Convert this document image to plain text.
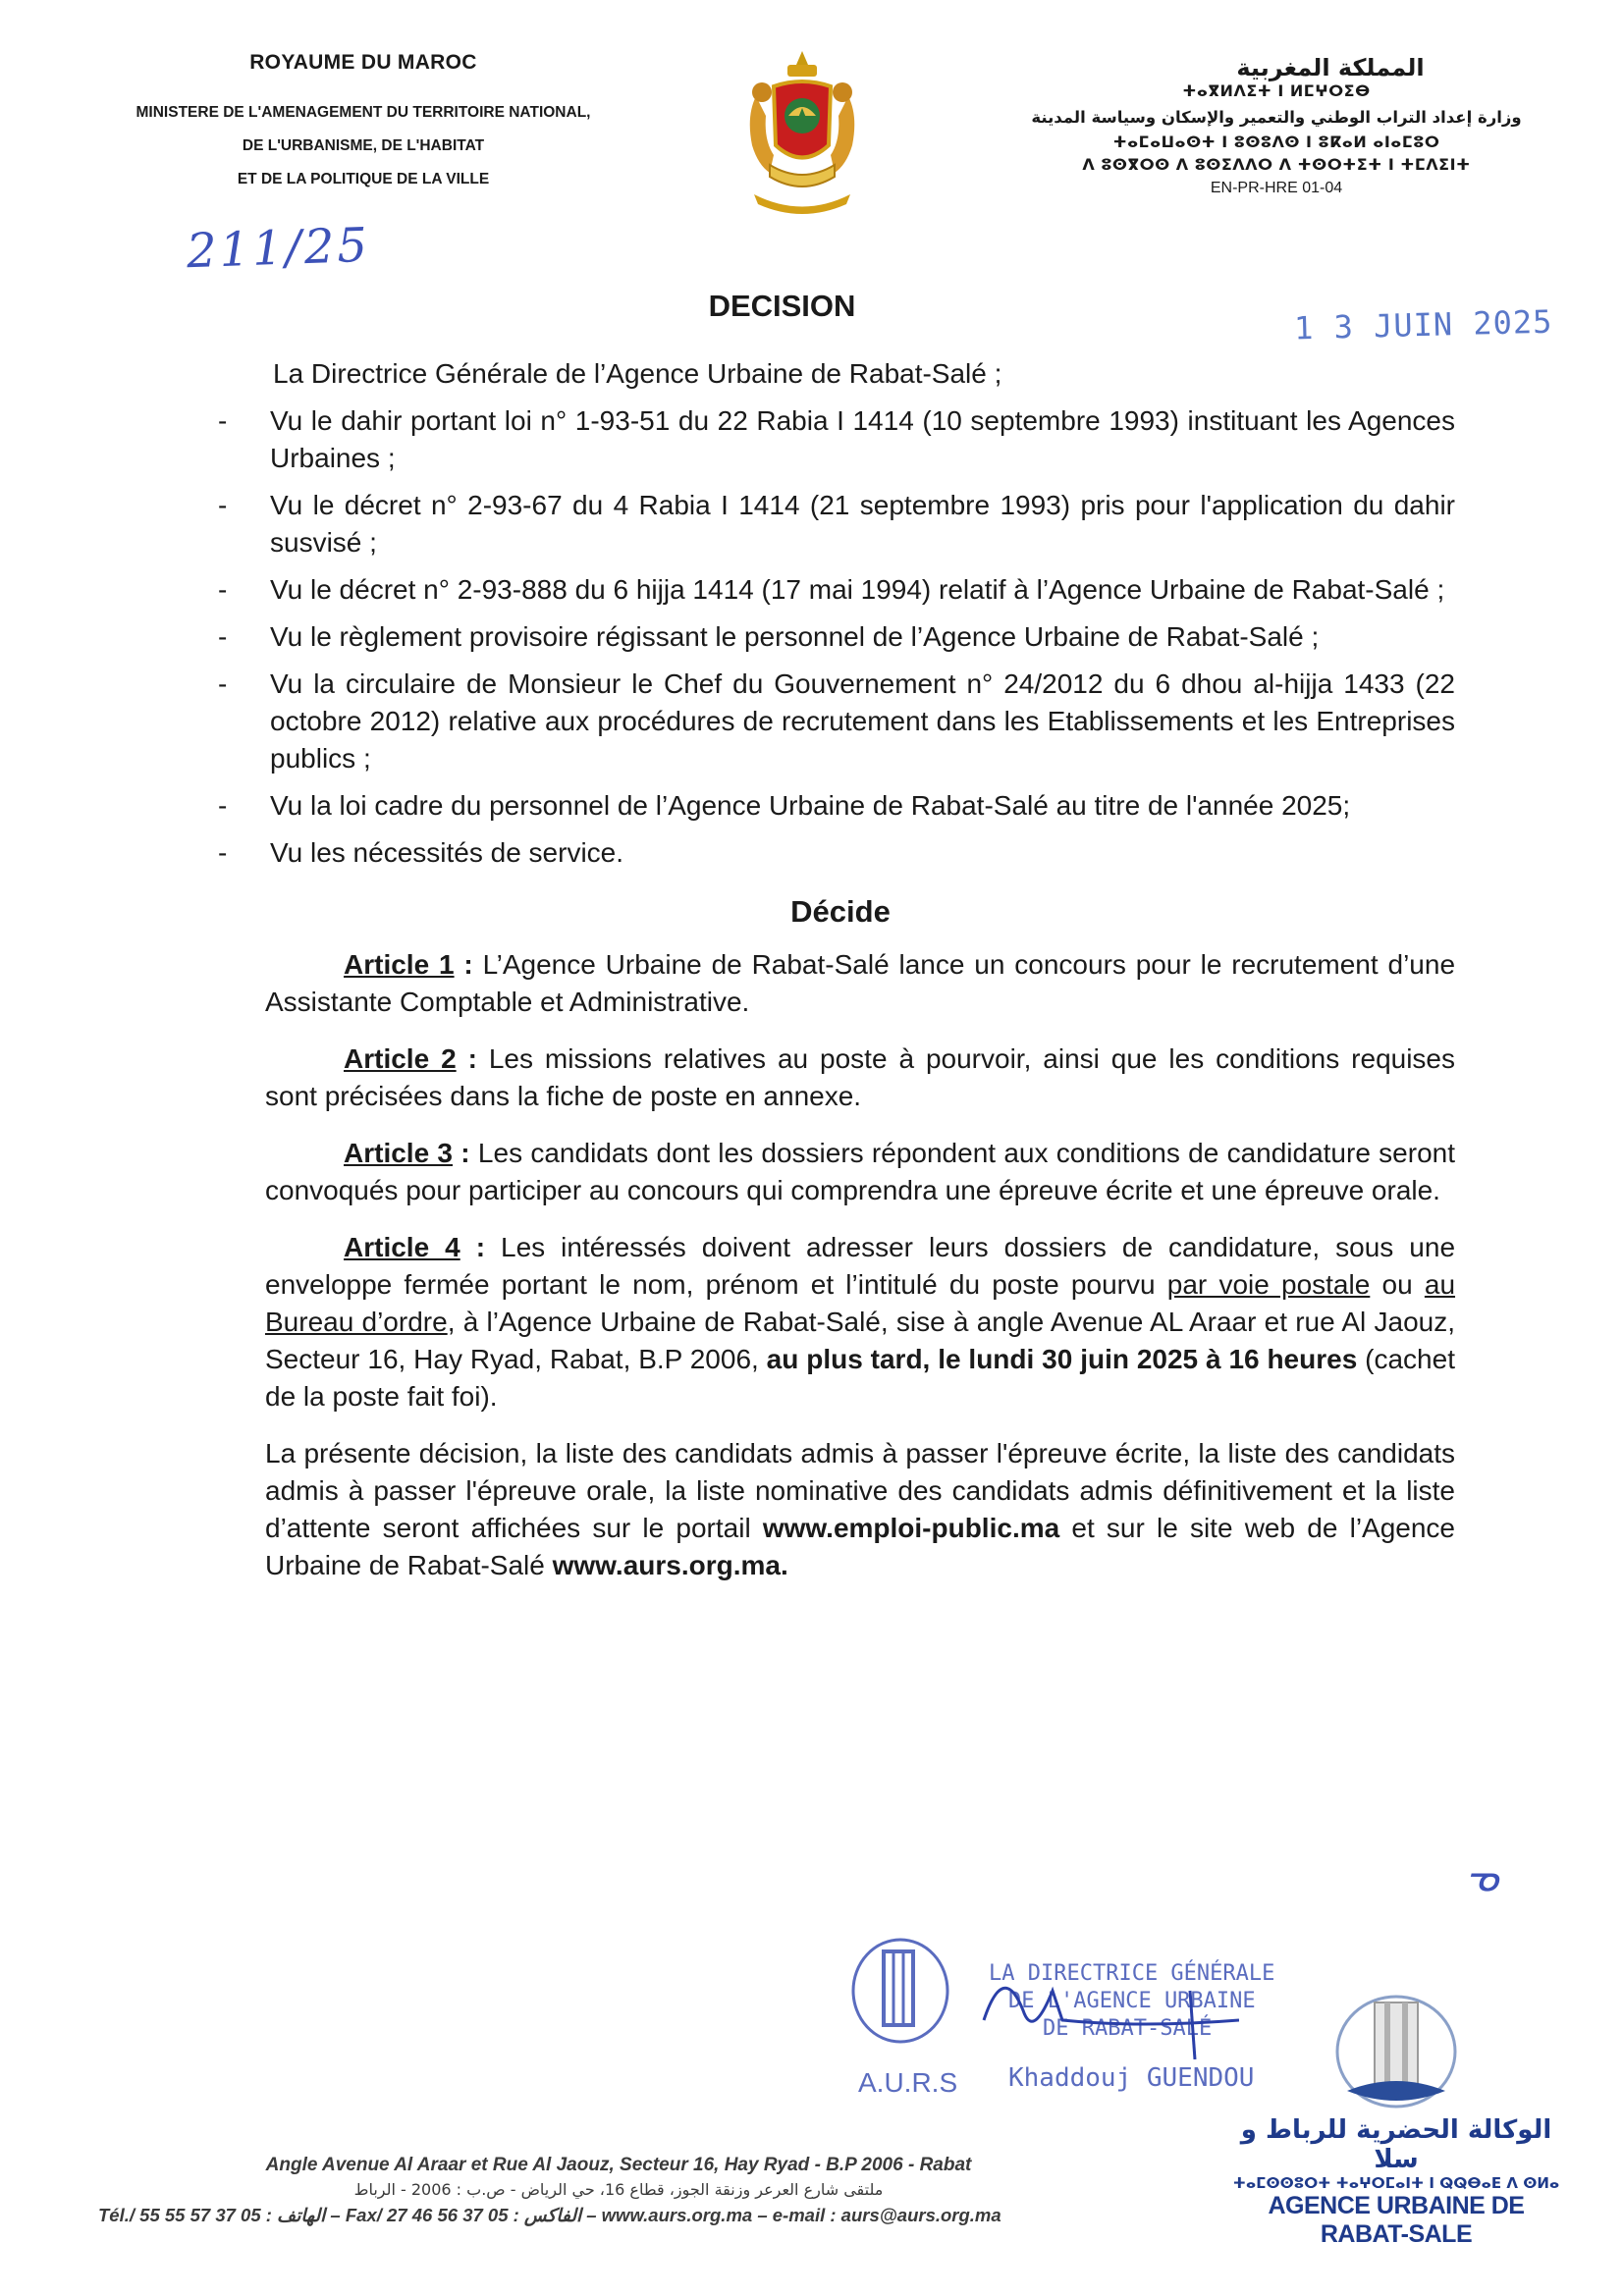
ROYAUME DU MAROC
MINISTERE DE L'AMENAGEMENT DU TERRITOIRE NATIONAL,
DE L'URBANISME, DE L'HABITAT
ET DE LA POLITIQUE DE LA VILLE
211/25
المملكة المغربية
ⵜⴰⴳⵍⴷⵉⵜ ⵏ ⵍⵎⵖⵔⵉⴱ
وزارة إعداد التراب الوطني والتعمير والإسكان وسياسة المدينة
ⵜⴰⵎⴰⵡⴰⵙⵜ ⵏ ⵓⵙⵓⴷⵙ ⵏ ⵓⴽⴰⵍ ⴰⵏⴰⵎⵓⵔ
ⴷ ⵓⵙⴳⵔⵙ ⴷ ⵓⵙⵉⴷⴷⵔ ⴷ ⵜⵙⵔⵜⵉⵜ ⵏ ⵜⵎⴷⵉⵏⵜ
EN-PR-HRE 01-04
DECISION	1 3 JUIN 2025

La Directrice Générale de l’Agence Urbaine de Rabat-Salé ;

- Vu le dahir portant loi n° 1-93-51 du 22 Rabia I 1414 (10 septembre 1993) instituant les Agences Urbaines ;
- Vu le décret n° 2-93-67 du 4 Rabia I 1414 (21 septembre 1993) pris pour l'application du dahir susvisé ;
- Vu le décret n° 2-93-888 du 6 hijja 1414 (17 mai 1994) relatif à l’Agence Urbaine de Rabat-Salé ;
- Vu le règlement provisoire régissant le personnel de l’Agence Urbaine de Rabat-Salé ;
- Vu la circulaire de Monsieur le Chef du Gouvernement n° 24/2012 du 6 dhou al-hijja 1433 (22 octobre 2012) relative aux procédures de recrutement dans les Etablissements et les Entreprises publics ;
- Vu la loi cadre du personnel de l’Agence Urbaine de Rabat-Salé au titre de l'année 2025;
- Vu les nécessités de service.
Décide

Article 1 : L’Agence Urbaine de Rabat-Salé lance un concours pour le recrutement d’une Assistante Comptable et Administrative.

Article 2 : Les missions relatives au poste à pourvoir, ainsi que les conditions requises sont précisées dans la fiche de poste en annexe.

Article 3 : Les candidats dont les dossiers répondent aux conditions de candidature seront convoqués pour participer au concours qui comprendra une épreuve écrite et une épreuve orale.

Article 4 : Les intéressés doivent adresser leurs dossiers de candidature, sous une enveloppe fermée portant le nom, prénom et l’intitulé du poste pourvu par voie postale ou au Bureau d’ordre, à l’Agence Urbaine de Rabat-Salé, sise à angle Avenue AL Araar et rue Al Jaouz, Secteur 16, Hay Ryad, Rabat, B.P 2006, au plus tard, le lundi 30 juin 2025 à 16 heures (cachet de la poste fait foi).

La présente décision, la liste des candidats admis à passer l'épreuve écrite, la liste des candidats admis à passer l'épreuve orale, la liste nominative des candidats admis définitivement et la liste d’attente seront affichées sur le portail www.emploi-public.ma et sur le site web de l’Agence Urbaine de Rabat-Salé www.aurs.org.ma.

ᓀ
LA DIRECTRICE GÉNÉRALE
DE L'AGENCE URBAINE
DE RABAT-SALÉ
A.U.R.S Khaddouj GUENDOU
Angle Avenue Al Araar et Rue Al Jaouz, Secteur 16, Hay Ryad - B.P 2006 - Rabat
ملتقى شارع العرعر وزنقة الجوز، قطاع 16، حي الرياض - ص.ب : 2006 - الرباط
Tél./ الهاتف : 05 37 57 55 55 – Fax/ الفاكس : 05 37 56 46 27 – www.aurs.org.ma – e-mail : aurs@aurs.org.ma
الوكالة الحضرية للرباط و سلا
ⵜⴰⵎⵙⵙⵓⵔⵜ ⵜⴰⵖⵔⵎⴰⵏⵜ ⵏ ⵕⵕⴱⴰⴹ ⴷ ⵙⵍⴰ
AGENCE URBAINE DE RABAT-SALE
